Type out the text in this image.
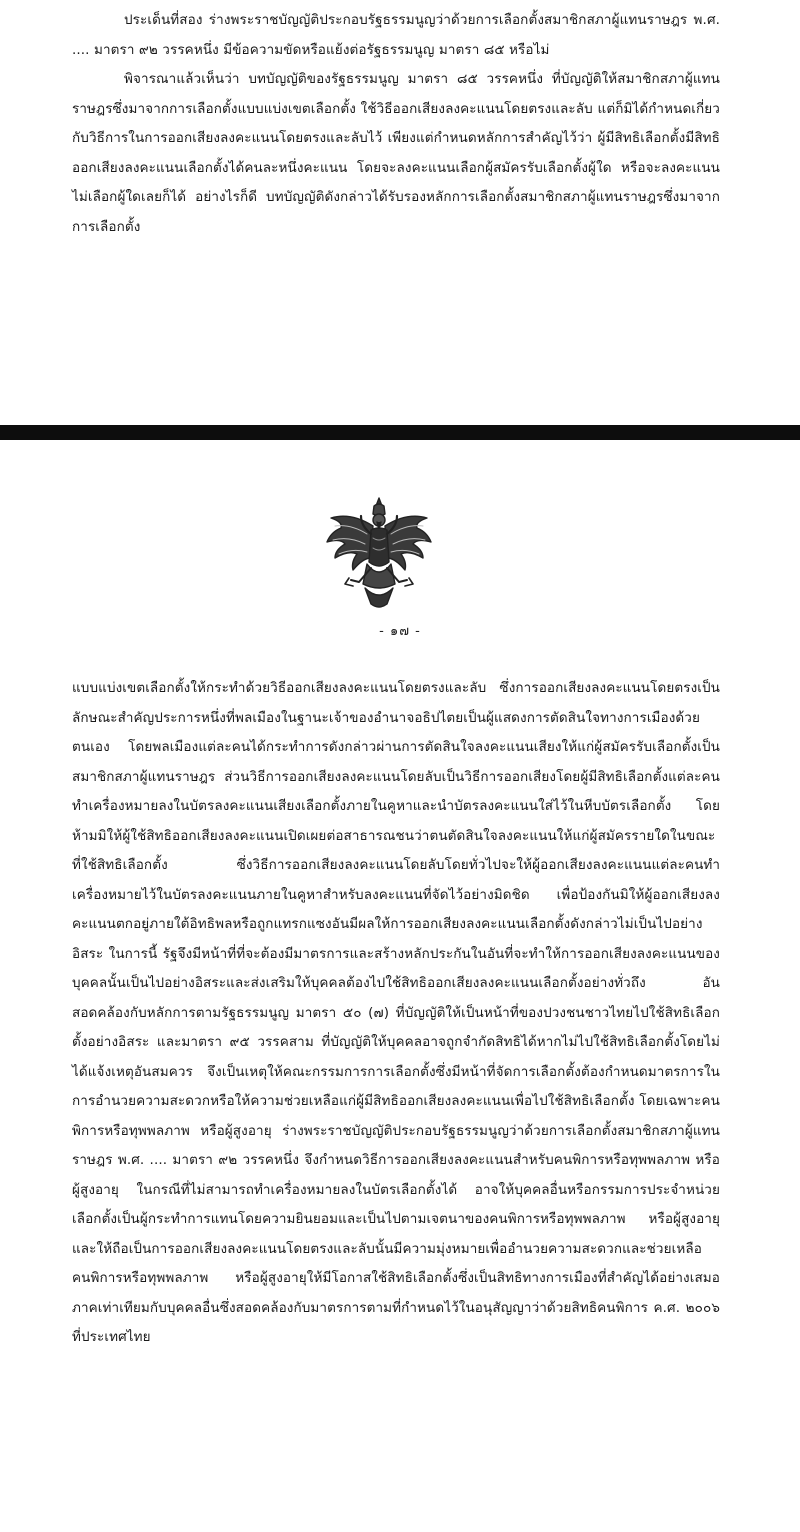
ประเด็นที่สอง ร่างพระราชบัญญัติประกอบรัฐธรรมนูญว่าด้วยการเลือกตั้งสมาชิกสภาผู้แทนราษฎร พ.ศ. .... มาตรา ๙๒ วรรคหนึ่ง มีข้อความขัดหรือแย้งต่อรัฐธรรมนูญ มาตรา ๘๕ หรือไม่

พิจารณาแล้วเห็นว่า บทบัญญัติของรัฐธรรมนูญ มาตรา ๘๕ วรรคหนึ่ง ที่บัญญัติให้สมาชิกสภาผู้แทนราษฎรซึ่งมาจากการเลือกตั้งแบบแบ่งเขตเลือกตั้ง ใช้วิธีออกเสียงลงคะแนนโดยตรงและลับ แต่ก็มิได้กำหนดเกี่ยวกับวิธีการในการออกเสียงลงคะแนนโดยตรงและลับไว้ เพียงแต่กำหนดหลักการสำคัญไว้ว่า ผู้มีสิทธิเลือกตั้งมีสิทธิออกเสียงลงคะแนนเลือกตั้งได้คนละหนึ่งคะแนน โดยจะลงคะแนนเลือกผู้สมัครรับเลือกตั้งผู้ใด หรือจะลงคะแนนไม่เลือกผู้ใดเลยก็ได้ อย่างไรก็ดี บทบัญญัติดังกล่าวได้รับรองหลักการเลือกตั้งสมาชิกสภาผู้แทนราษฎรซึ่งมาจากการเลือกตั้ง

- ๑๗ -

แบบแบ่งเขตเลือกตั้งให้กระทำด้วยวิธีออกเสียงลงคะแนนโดยตรงและลับ ซึ่งการออกเสียงลงคะแนนโดยตรงเป็นลักษณะสำคัญประการหนึ่งที่พลเมืองในฐานะเจ้าของอำนาจอธิปไตยเป็นผู้แสดงการตัดสินใจทางการเมืองด้วยตนเอง โดยพลเมืองแต่ละคนได้กระทำการดังกล่าวผ่านการตัดสินใจลงคะแนนเสียงให้แก่ผู้สมัครรับเลือกตั้งเป็นสมาชิกสภาผู้แทนราษฎร ส่วนวิธีการออกเสียงลงคะแนนโดยลับเป็นวิธีการออกเสียงโดยผู้มีสิทธิเลือกตั้งแต่ละคนทำเครื่องหมายลงในบัตรลงคะแนนเสียงเลือกตั้งภายในคูหาและนำบัตรลงคะแนนใส่ไว้ในหีบบัตรเลือกตั้ง โดยห้ามมิให้ผู้ใช้สิทธิออกเสียงลงคะแนนเปิดเผยต่อสาธารณชนว่าตนตัดสินใจลงคะแนนให้แก่ผู้สมัครรายใดในขณะที่ใช้สิทธิเลือกตั้ง ซึ่งวิธีการออกเสียงลงคะแนนโดยลับโดยทั่วไปจะให้ผู้ออกเสียงลงคะแนนแต่ละคนทำเครื่องหมายไว้ในบัตรลงคะแนนภายในคูหาสำหรับลงคะแนนที่จัดไว้อย่างมิดชิด เพื่อป้องกันมิให้ผู้ออกเสียงลงคะแนนตกอยู่ภายใต้อิทธิพลหรือถูกแทรกแซงอันมีผลให้การออกเสียงลงคะแนนเลือกตั้งดังกล่าวไม่เป็นไปอย่างอิสระ ในการนี้ รัฐจึงมีหน้าที่ที่จะต้องมีมาตรการและสร้างหลักประกันในอันที่จะทำให้การออกเสียงลงคะแนนของบุคคลนั้นเป็นไปอย่างอิสระและส่งเสริมให้บุคคลต้องไปใช้สิทธิออกเสียงลงคะแนนเลือกตั้งอย่างทั่วถึง อันสอดคล้องกับหลักการตามรัฐธรรมนูญ มาตรา ๕๐ (๗) ที่บัญญัติให้เป็นหน้าที่ของปวงชนชาวไทยไปใช้สิทธิเลือกตั้งอย่างอิสระ และมาตรา ๙๕ วรรคสาม ที่บัญญัติให้บุคคลอาจถูกจำกัดสิทธิได้หากไม่ไปใช้สิทธิเลือกตั้งโดยไม่ได้แจ้งเหตุอันสมควร จึงเป็นเหตุให้คณะกรรมการการเลือกตั้งซึ่งมีหน้าที่จัดการเลือกตั้งต้องกำหนดมาตรการในการอำนวยความสะดวกหรือให้ความช่วยเหลือแก่ผู้มีสิทธิออกเสียงลงคะแนนเพื่อไปใช้สิทธิเลือกตั้ง โดยเฉพาะคนพิการหรือทุพพลภาพ หรือผู้สูงอายุ ร่างพระราชบัญญัติประกอบรัฐธรรมนูญว่าด้วยการเลือกตั้งสมาชิกสภาผู้แทนราษฎร พ.ศ. .... มาตรา ๙๒ วรรคหนึ่ง จึงกำหนดวิธีการออกเสียงลงคะแนนสำหรับคนพิการหรือทุพพลภาพ หรือผู้สูงอายุ ในกรณีที่ไม่สามารถทำเครื่องหมายลงในบัตรเลือกตั้งได้ อาจให้บุคคลอื่นหรือกรรมการประจำหน่วยเลือกตั้งเป็นผู้กระทำการแทนโดยความยินยอมและเป็นไปตามเจตนาของคนพิการหรือทุพพลภาพ หรือผู้สูงอายุ และให้ถือเป็นการออกเสียงลงคะแนนโดยตรงและลับนั้นมีความมุ่งหมายเพื่ออำนวยความสะดวกและช่วยเหลือคนพิการหรือทุพพลภาพ หรือผู้สูงอายุให้มีโอกาสใช้สิทธิเลือกตั้งซึ่งเป็นสิทธิทางการเมืองที่สำคัญได้อย่างเสมอภาคเท่าเทียมกับบุคคลอื่นซึ่งสอดคล้องกับมาตรการตามที่กำหนดไว้ในอนุสัญญาว่าด้วยสิทธิคนพิการ ค.ศ. ๒๐๐๖ ที่ประเทศไทย
